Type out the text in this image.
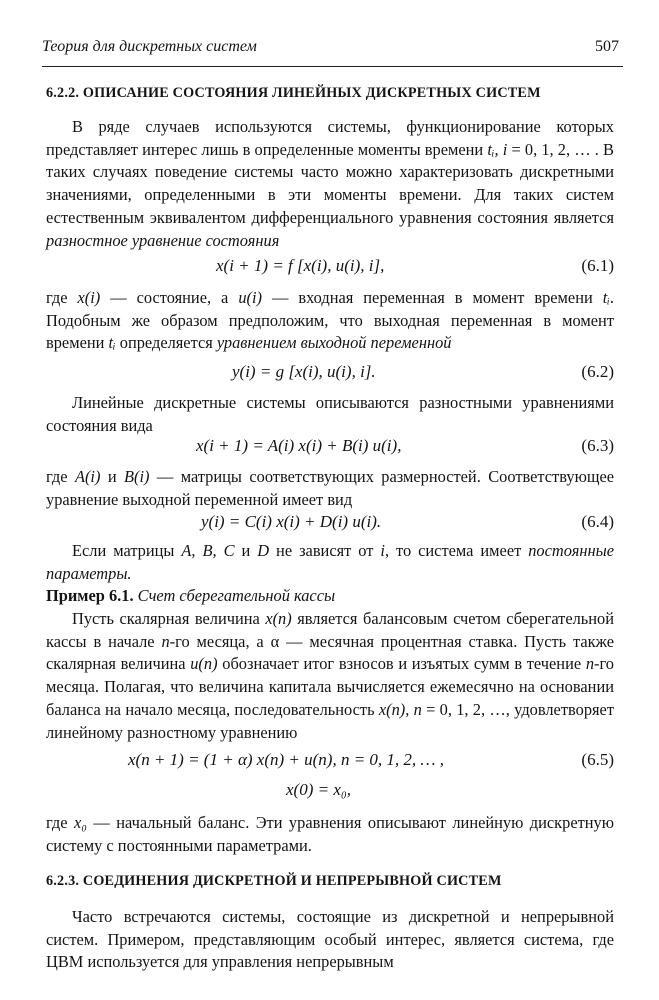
Теория для дискретных систем	507
6.2.2. ОПИСАНИЕ СОСТОЯНИЯ ЛИНЕЙНЫХ ДИСКРЕТНЫХ СИСТЕМ

В ряде случаев используются системы, функционирование которых представляет интерес лишь в определенные моменты времени tᵢ, i = 0, 1, 2, … . В таких случаях поведение системы часто можно характеризовать дискретными значениями, определенными в эти моменты времени. Для таких систем естественным эквивалентом дифференциального уравнения состояния является разностное уравнение состояния

x(i + 1) = f [x(i), u(i), i],	(6.1)

где x(i) — состояние, а u(i) — входная переменная в момент времени tᵢ. Подобным же образом предположим, что выходная переменная в момент времени tᵢ определяется уравнением выходной переменной

y(i) = g [x(i), u(i), i].	(6.2)

Линейные дискретные системы описываются разностными уравнениями состояния вида

x(i + 1) = A(i) x(i) + B(i) u(i),	(6.3)

где A(i) и B(i) — матрицы соответствующих размерностей. Соответствующее уравнение выходной переменной имеет вид

y(i) = C(i) x(i) + D(i) u(i).	(6.4)

Если матрицы A, B, C и D не зависят от i, то система имеет постоянные параметры.

Пример 6.1. Счет сберегательной кассы

Пусть скалярная величина x(n) является балансовым счетом сберегательной кассы в начале n-го месяца, а α — месячная процентная ставка. Пусть также скалярная величина u(n) обозначает итог взносов и изъятых сумм в течение n-го месяца. Полагая, что величина капитала вычисляется ежемесячно на основании баланса на начало месяца, последовательность x(n), n = 0, 1, 2, …, удовлетворяет линейному разностному уравнению

x(n + 1) = (1 + α) x(n) + u(n), n = 0, 1, 2, … ,	(6.5)
x(0) = x₀,

где x₀ — начальный баланс. Эти уравнения описывают линейную дискретную систему с постоянными параметрами.

6.2.3. СОЕДИНЕНИЯ ДИСКРЕТНОЙ И НЕПРЕРЫВНОЙ СИСТЕМ

Часто встречаются системы, состоящие из дискретной и непрерывной систем. Примером, представляющим особый интерес, является система, где ЦВМ используется для управления непрерывным
